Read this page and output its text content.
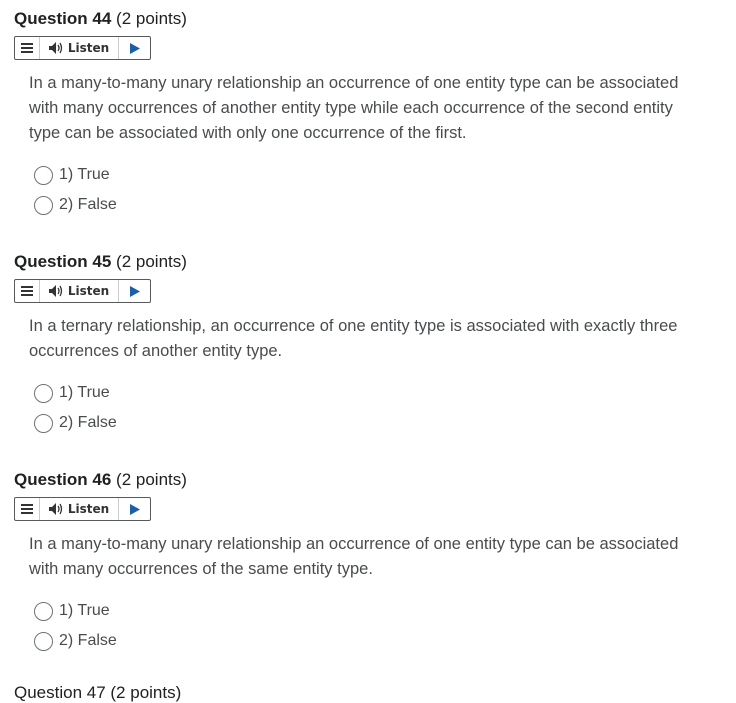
Question 44 (2 points)
Listen
In a many-to-many unary relationship an occurrence of one entity type can be associated with many occurrences of another entity type while each occurrence of the second entity type can be associated with only one occurrence of the first.
1) True
2) False
Question 45 (2 points)
Listen
In a ternary relationship, an occurrence of one entity type is associated with exactly three occurrences of another entity type.
1) True
2) False
Question 46 (2 points)
Listen
In a many-to-many unary relationship an occurrence of one entity type can be associated with many occurrences of the same entity type.
1) True
2) False
Question 47 (2 points)
